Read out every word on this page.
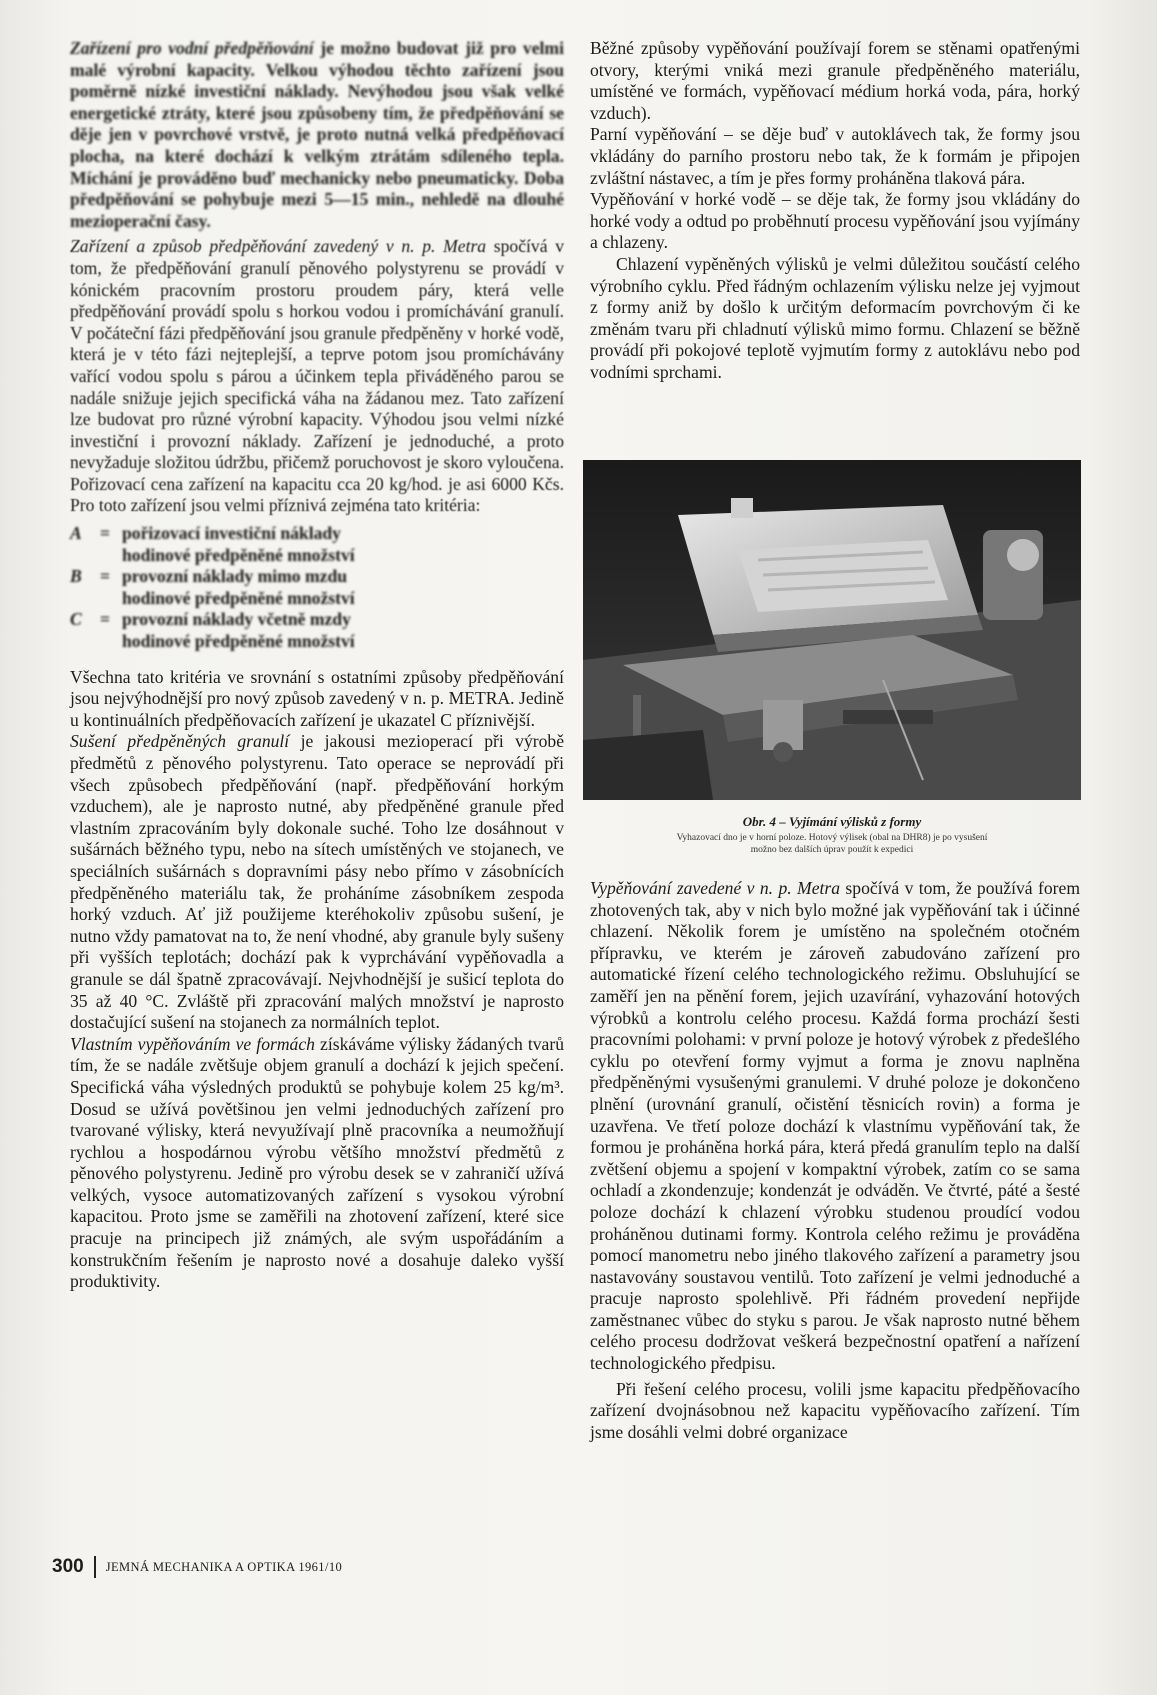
Zařízení pro vodní předpěňování je možno budovat již pro velmi malé výrobní kapacity. Velkou výhodou těchto zařízení jsou poměrně nízké investiční náklady. Nevýhodou jsou však velké energetické ztráty, které jsou způsobeny tím, že předpěňování se děje jen v povrchové vrstvě, je proto nutná velká předpěňovací plocha, na které dochází k velkým ztrátám sdíleného tepla. Míchání je prováděno buď mechanicky nebo pneumaticky. Doba předpěňování se pohybuje mezi 5—15 min., nehledě na dlouhé mezioperační časy.

Zařízení a způsob předpěňování zavedený v n. p. Metra spočívá v tom, že předpěňování granulí pěnového polystyrenu se provádí v kónickém pracovním prostoru proudem páry, která velle předpěňování provádí spolu s horkou vodou i promíchávání granulí. V počáteční fázi předpěňování jsou granule předpěněny v horké vodě, která je v této fázi nejteplejší, a teprve potom jsou promíchávány vařící vodou spolu s párou a účinkem tepla přiváděného parou se nadále snižuje jejich specifická váha na žádanou mez. Tato zařízení lze budovat pro různé výrobní kapacity. Výhodou jsou velmi nízké investiční i provozní náklady. Zařízení je jednoduché, a proto nevyžaduje složitou údržbu, přičemž poruchovost je skoro vyloučena. Pořizovací cena zařízení na kapacitu cca 20 kg/hod. je asi 6000 Kčs. Pro toto zařízení jsou velmi příznivá zejména tato kritéria:

A	= pořizovací investiční náklady
hodinové předpěněné množství
B	= provozní náklady mimo mzdu
hodinové předpěněné množství
C	= provozní náklady včetně mzdy
hodinové předpěněné množství

Všechna tato kritéria ve srovnání s ostatními způsoby předpěňování jsou nejvýhodnější pro nový způsob zavedený v n. p. METRA. Jedině u kontinuálních předpěňovacích zařízení je ukazatel C příznivější.

Sušení předpěněných granulí je jakousi mezioperací při výrobě předmětů z pěnového polystyrenu. Tato operace se neprovádí při všech způsobech předpěňování (např. předpěňování horkým vzduchem), ale je naprosto nutné, aby předpěněné granule před vlastním zpracováním byly dokonale suché. Toho lze dosáhnout v sušárnách běžného typu, nebo na sítech umístěných ve stojanech, ve speciálních sušárnách s dopravními pásy nebo přímo v zásobnících předpěněného materiálu tak, že proháníme zásobníkem zespoda horký vzduch. Ať již použijeme kteréhokoliv způsobu sušení, je nutno vždy pamatovat na to, že není vhodné, aby granule byly sušeny při vyšších teplotách; dochází pak k vyprchávání vypěňovadla a granule se dál špatně zpracovávají. Nejvhodnější je sušicí teplota do 35 až 40 °C. Zvláště při zpracování malých množství je naprosto dostačující sušení na stojanech za normálních teplot.

Vlastním vypěňováním ve formách získáváme výlisky žádaných tvarů tím, že se nadále zvětšuje objem granulí a dochází k jejich spečení. Specifická váha výsledných produktů se pohybuje kolem 25 kg/m³. Dosud se užívá povětšinou jen velmi jednoduchých zařízení pro tvarované výlisky, která nevyužívají plně pracovníka a neumožňují rychlou a hospodárnou výrobu většího množství předmětů z pěnového polystyrenu. Jedině pro výrobu desek se v zahraničí užívá velkých, vysoce automatizovaných zařízení s vysokou výrobní kapacitou. Proto jsme se zaměřili na zhotovení zařízení, které sice pracuje na principech již známých, ale svým uspořádáním a konstrukčním řešením je naprosto nové a dosahuje daleko vyšší produktivity.

Běžné způsoby vypěňování používají forem se stěnami opatřenými otvory, kterými vniká mezi granule předpěněného materiálu, umístěné ve formách, vypěňovací médium horká voda, pára, horký vzduch).

Parní vypěňování – se děje buď v autoklávech tak, že formy jsou vkládány do parního prostoru nebo tak, že k formám je připojen zvláštní nástavec, a tím je přes formy proháněna tlaková pára.

Vypěňování v horké vodě – se děje tak, že formy jsou vkládány do horké vody a odtud po proběhnutí procesu vypěňování jsou vyjímány a chlazeny.

Chlazení vypěněných výlisků je velmi důležitou součástí celého výrobního cyklu. Před řádným ochlazením výlisku nelze jej vyjmout z formy aniž by došlo k určitým deformacím povrchovým či ke změnám tvaru při chladnutí výlisků mimo formu. Chlazení se běžně provádí při pokojové teplotě vyjmutím formy z autoklávu nebo pod vodními sprchami.

Obr. 4 – Vyjímání výlisků z formy
Vyhazovací dno je v horní poloze. Hotový výlisek (obal na DHR8) je po vysušení
možno bez dalších úprav použít k expedici

Vypěňování zavedené v n. p. Metra spočívá v tom, že používá forem zhotovených tak, aby v nich bylo možné jak vypěňování tak i účinné chlazení. Několik forem je umístěno na společném otočném přípravku, ve kterém je zároveň zabudováno zařízení pro automatické řízení celého technologického režimu. Obsluhující se zaměří jen na pěnění forem, jejich uzavírání, vyhazování hotových výrobků a kontrolu celého procesu. Každá forma prochází šesti pracovními polohami: v první poloze je hotový výrobek z předešlého cyklu po otevření formy vyjmut a forma je znovu naplněna předpěněnými vysušenými granulemi. V druhé poloze je dokončeno plnění (urovnání granulí, očistění těsnicích rovin) a forma je uzavřena. Ve třetí poloze dochází k vlastnímu vypěňování tak, že formou je proháněna horká pára, která předá granulím teplo na další zvětšení objemu a spojení v kompaktní výrobek, zatím co se sama ochladí a zkondenzuje; kondenzát je odváděn. Ve čtvrté, páté a šesté poloze dochází k chlazení výrobku studenou proudící vodou proháněnou dutinami formy. Kontrola celého režimu je prováděna pomocí manometru nebo jiného tlakového zařízení a parametry jsou nastavovány soustavou ventilů. Toto zařízení je velmi jednoduché a pracuje naprosto spolehlivě. Při řádném provedení nepřijde zaměstnanec vůbec do styku s parou. Je však naprosto nutné během celého procesu dodržovat veškerá bezpečnostní opatření a nařízení technologického předpisu.

Při řešení celého procesu, volili jsme kapacitu předpěňovacího zařízení dvojnásobnou než kapacitu vypěňovacího zařízení. Tím jsme dosáhli velmi dobré organizace

300 JEMNÁ MECHANIKA A OPTIKA 1961/10
